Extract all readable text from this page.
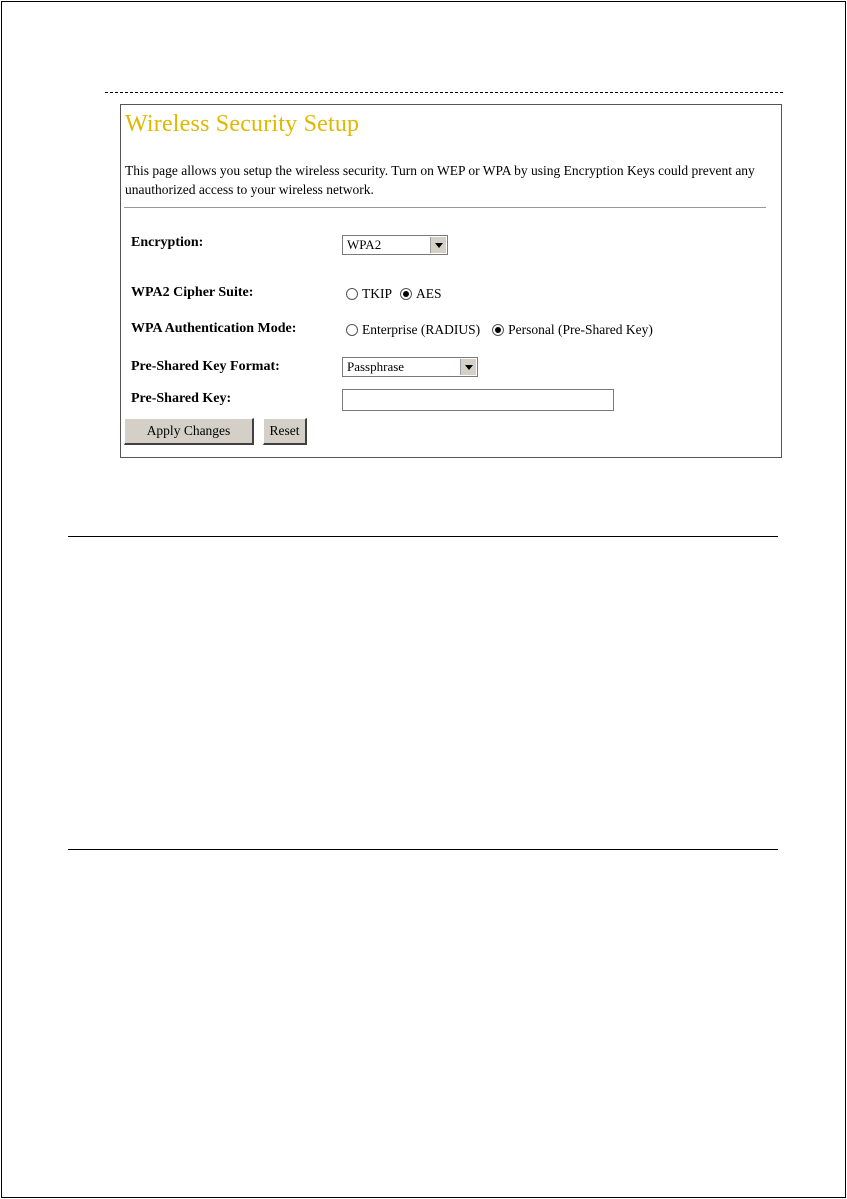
Wireless Security Setup
This page allows you setup the wireless security. Turn on WEP or WPA by using Encryption Keys could prevent any unauthorized access to your wireless network.
Encryption:	WPA2
WPA2 Cipher Suite:	TKIP AES
WPA Authentication Mode:	Enterprise (RADIUS) Personal (Pre-Shared Key)
Pre-Shared Key Format:	Passphrase
Pre-Shared Key:
Apply Changes	Reset
